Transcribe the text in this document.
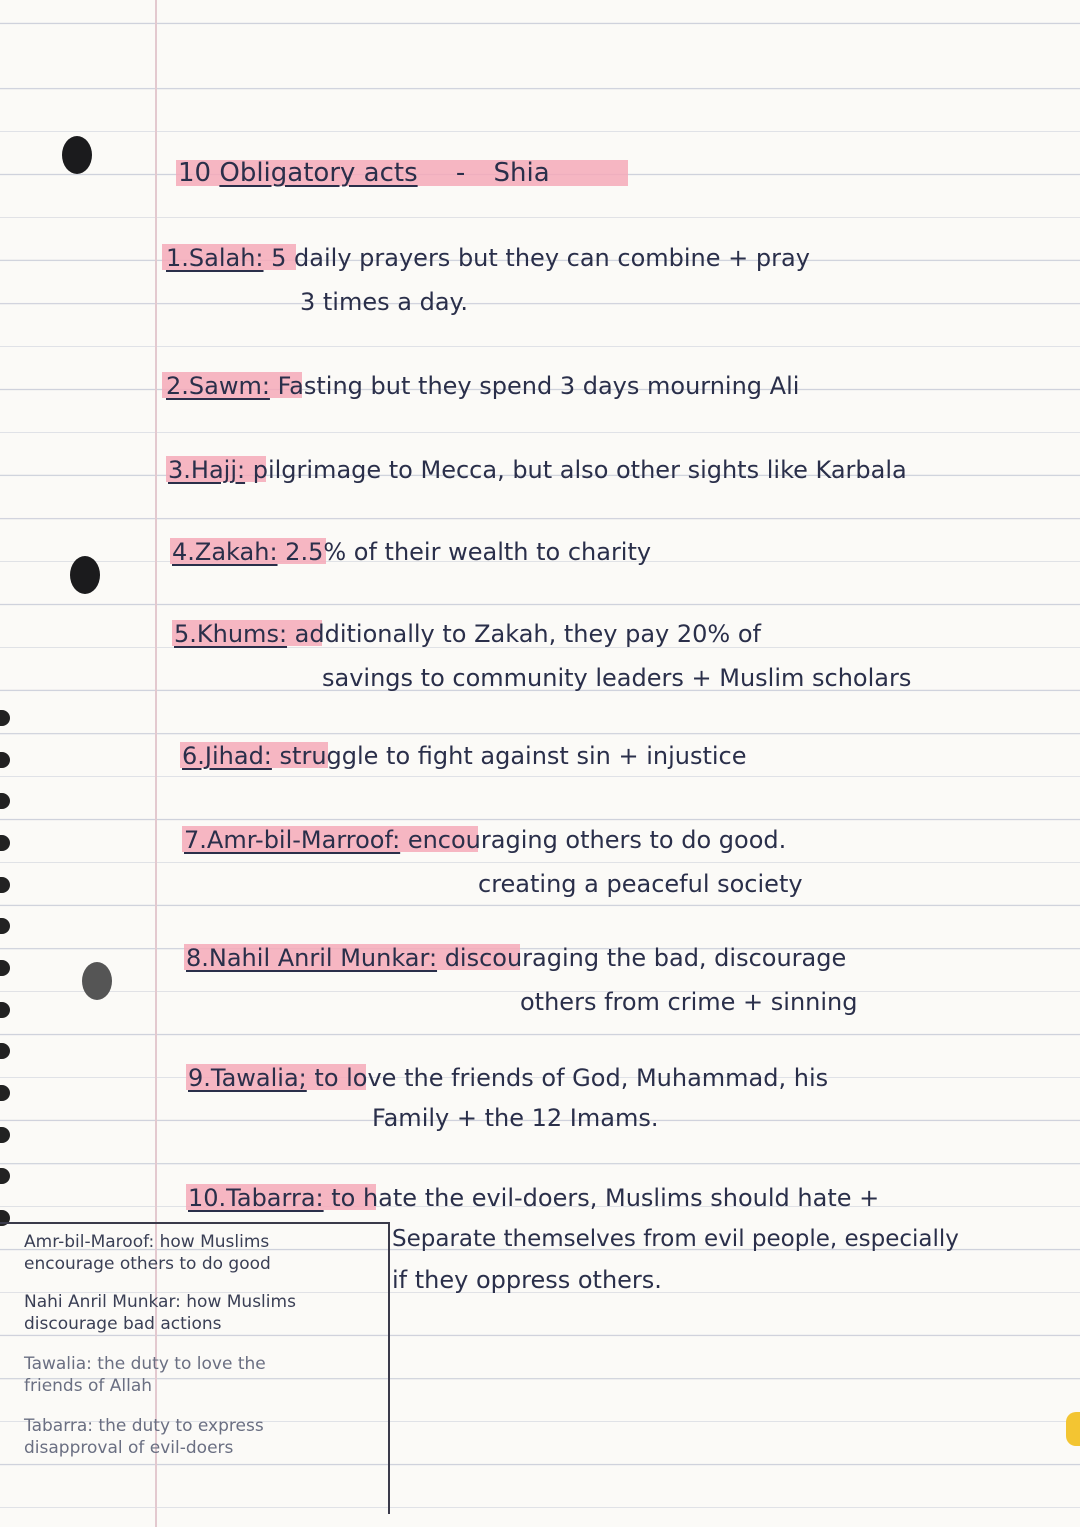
10 Obligatory acts - Shia
1.Salah: 5 daily prayers but they can combine + pray
3 times a day.
2.Sawm: Fasting but they spend 3 days mourning Ali
3.Hajj: pilgrimage to Mecca, but also other sights like Karbala
4.Zakah: 2.5% of their wealth to charity
5.Khums: additionally to Zakah, they pay 20% of
savings to community leaders + Muslim scholars
6.Jihad: struggle to fight against sin + injustice
7.Amr-bil-Marroof: encouraging others to do good.
creating a peaceful society
8.Nahil Anril Munkar: discouraging the bad, discourage
others from crime + sinning
9.Tawalia; to love the friends of God, Muhammad, his
Family + the 12 Imams.
10.Tabarra: to hate the evil-doers, Muslims should hate +
Separate themselves from evil people, especially
if they oppress others.
Amr-bil-Maroof: how Muslims
encourage others to do good
Nahi Anril Munkar: how Muslims
discourage bad actions
Tawalia: the duty to love the
friends of Allah
Tabarra: the duty to express
disapproval of evil-doers
